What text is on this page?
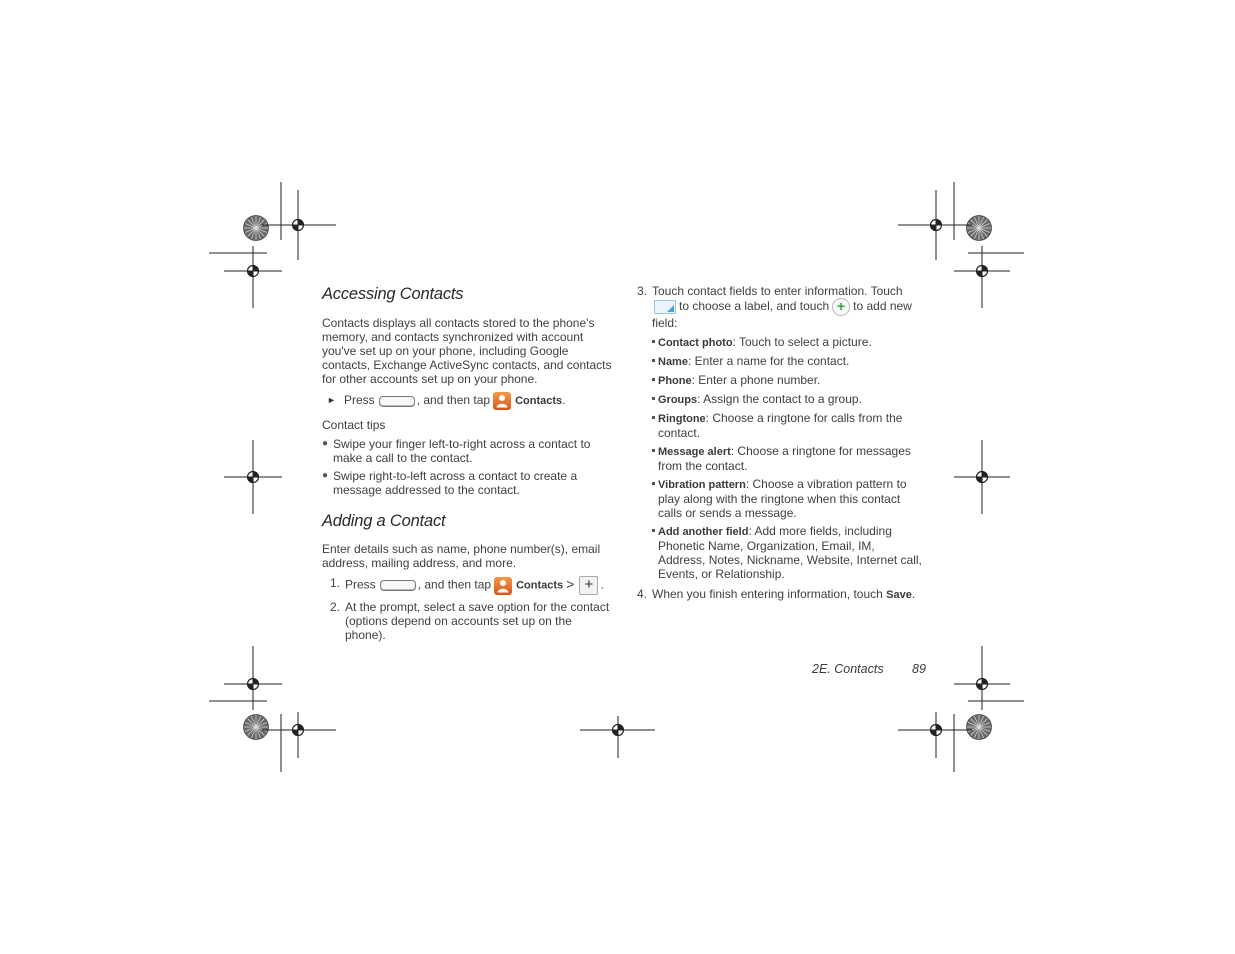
Accessing Contacts

Contacts displays all contacts stored to the phone's memory, and contacts synchronized with account you've set up on your phone, including Google contacts, Exchange ActiveSync contacts, and contacts for other accounts set up on your phone.

► Press	, and then tap Contacts.
Contact tips
● Swipe your finger left-to-right across a contact to make a call to the contact.
● Swipe right-to-left across a contact to create a message addressed to the contact.
Adding a Contact

Enter details such as name, phone number(s), email address, mailing address, and more.

1. Press	, and then tap Contacts > + .
2. At the prompt, select a save option for the contact (options depend on accounts set up on the phone).
3. Touch contact fields to enter information. Touch
to choose a label, and touch + to add new field:
Contact photo: Touch to select a picture.
Name: Enter a name for the contact.
Phone: Enter a phone number.
Groups: Assign the contact to a group.
Ringtone: Choose a ringtone for calls from the contact.
Message alert: Choose a ringtone for messages from the contact.
Vibration pattern: Choose a vibration pattern to play along with the ringtone when this contact calls or sends a message.
Add another field: Add more fields, including Phonetic Name, Organization, Email, IM, Address, Notes, Nickname, Website, Internet call, Events, or Relationship.
4. When you finish entering information, touch Save.
2E. Contacts 89
